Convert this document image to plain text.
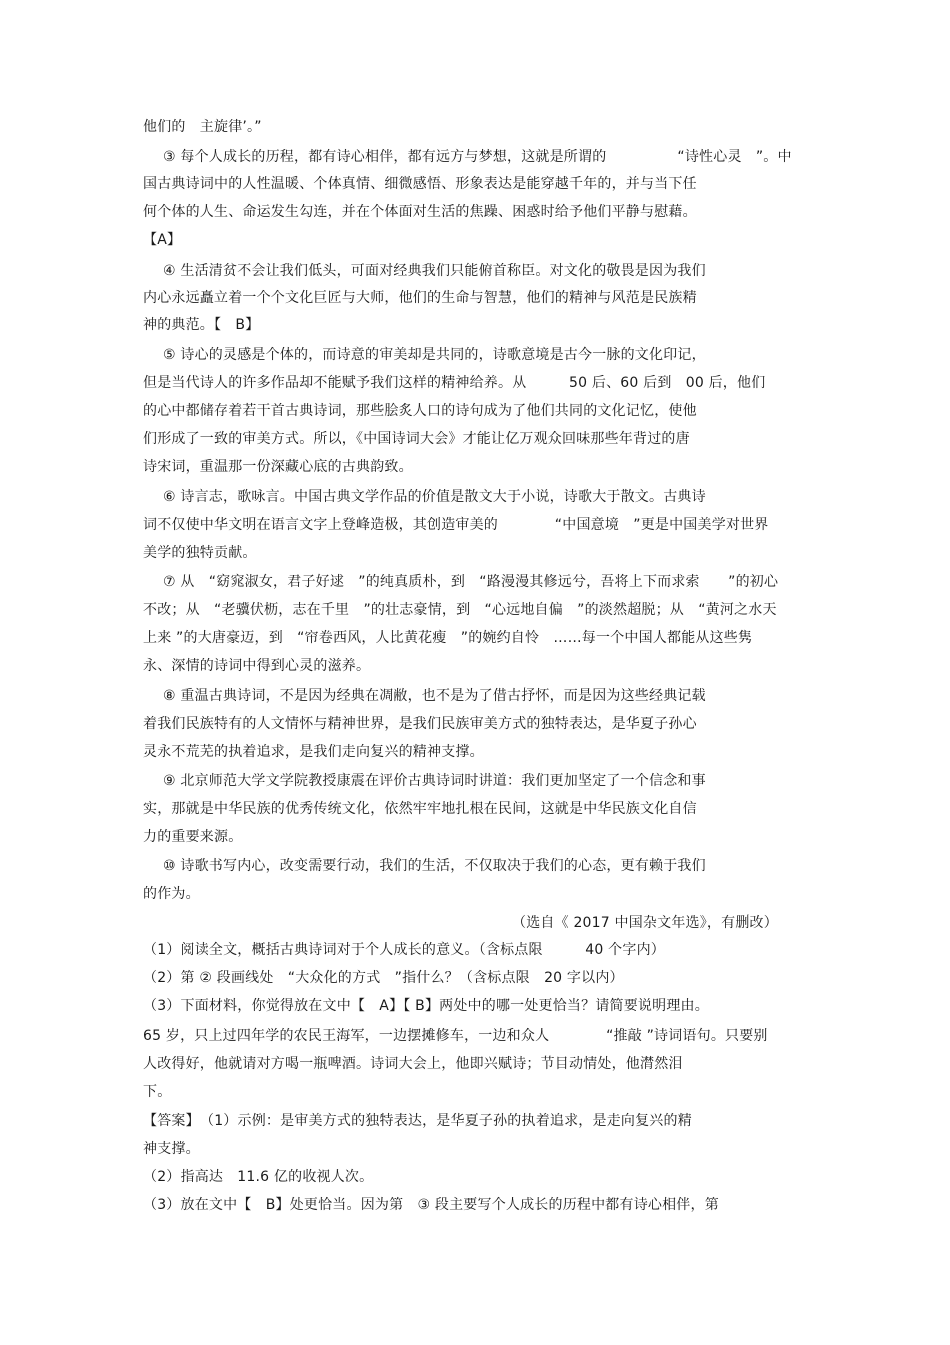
他们的　主旋律’。”
③ 每个人成长的历程，都有诗心相伴，都有远方与梦想，这就是所谓的　　　　　“诗性心灵　”。中
国古典诗词中的人性温暖、个体真情、细微感悟、形象表达是能穿越千年的，并与当下任
何个体的人生、命运发生勾连，并在个体面对生活的焦躁、困惑时给予他们平静与慰藉。
【A】
④ 生活清贫不会让我们低头，可面对经典我们只能俯首称臣。对文化的敬畏是因为我们
内心永远矗立着一个个文化巨匠与大师，他们的生命与智慧，他们的精神与风范是民族精
神的典范。【　B】
⑤ 诗心的灵感是个体的，而诗意的审美却是共同的，诗歌意境是古今一脉的文化印记，
但是当代诗人的许多作品却不能赋予我们这样的精神给养。从　　　50 后、60 后到　00 后，他们
的心中都储存着若干首古典诗词，那些脍炙人口的诗句成为了他们共同的文化记忆，使他
们形成了一致的审美方式。所以，《中国诗词大会》才能让亿万观众回味那些年背过的唐
诗宋词，重温那一份深藏心底的古典韵致。
⑥ 诗言志，歌咏言。中国古典文学作品的价值是散文大于小说，诗歌大于散文。古典诗
词不仅使中华文明在语言文字上登峰造极，其创造审美的　　　　“中国意境　”更是中国美学对世界
美学的独特贡献。
⑦ 从　“窈窕淑女，君子好逑　”的纯真质朴，到　“路漫漫其修远兮，吾将上下而求索　　”的初心
不改；从　“老骥伏枥，志在千里　”的壮志豪情，到　“心远地自偏　”的淡然超脱；从　“黄河之水天
上来 ”的大唐豪迈，到　“帘卷西风，人比黄花瘦　”的婉约自怜　……每一个中国人都能从这些隽
永、深情的诗词中得到心灵的滋养。
⑧ 重温古典诗词，不是因为经典在凋敝，也不是为了借古抒怀，而是因为这些经典记载
着我们民族特有的人文情怀与精神世界，是我们民族审美方式的独特表达，是华夏子孙心
灵永不荒芜的执着追求，是我们走向复兴的精神支撑。
⑨ 北京师范大学文学院教授康震在评价古典诗词时讲道：我们更加坚定了一个信念和事
实，那就是中华民族的优秀传统文化，依然牢牢地扎根在民间，这就是中华民族文化自信
力的重要来源。
⑩ 诗歌书写内心，改变需要行动，我们的生活，不仅取决于我们的心态，更有赖于我们
的作为。
（选自《 2017 中国杂文年选》，有删改）
（1）阅读全文，概括古典诗词对于个人成长的意义。（含标点限　　　40 个字内）
（2）第 ② 段画线处　“大众化的方式　”指什么？（含标点限　20 字以内）
（3）下面材料，你觉得放在文中【　A】【 B】两处中的哪一处更恰当？请简要说明理由。
65 岁，只上过四年学的农民王海军，一边摆摊修车，一边和众人　　　　“推敲 ”诗词语句。只要别
人改得好，他就请对方喝一瓶啤酒。诗词大会上，他即兴赋诗；节目动情处，他潸然泪
下。
【答案】　（1）示例：是审美方式的独特表达，是华夏子孙的执着追求，是走向复兴的精
神支撑。
（2）指高达　11.6 亿的收视人次。
（3）放在文中【　B】处更恰当。因为第　③ 段主要写个人成长的历程中都有诗心相伴，第
